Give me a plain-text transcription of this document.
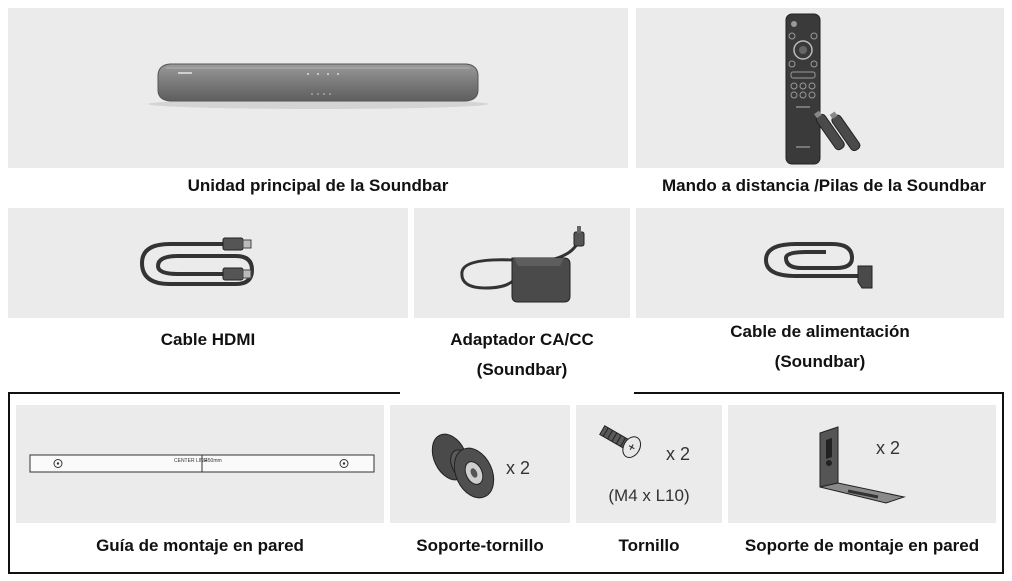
Unidad principal de la Soundbar	Mando a distancia /Pilas de la Soundbar
Cable HDMI	Adaptador CA/CC
(Soundbar)
Cable de alimentación
(Soundbar)
CENTER LINE
450mm	x 2
x 2
(M4 x L10)
x 2
Guía de montaje en pared	Soporte-tornillo	Tornillo	Soporte de montaje en pared
